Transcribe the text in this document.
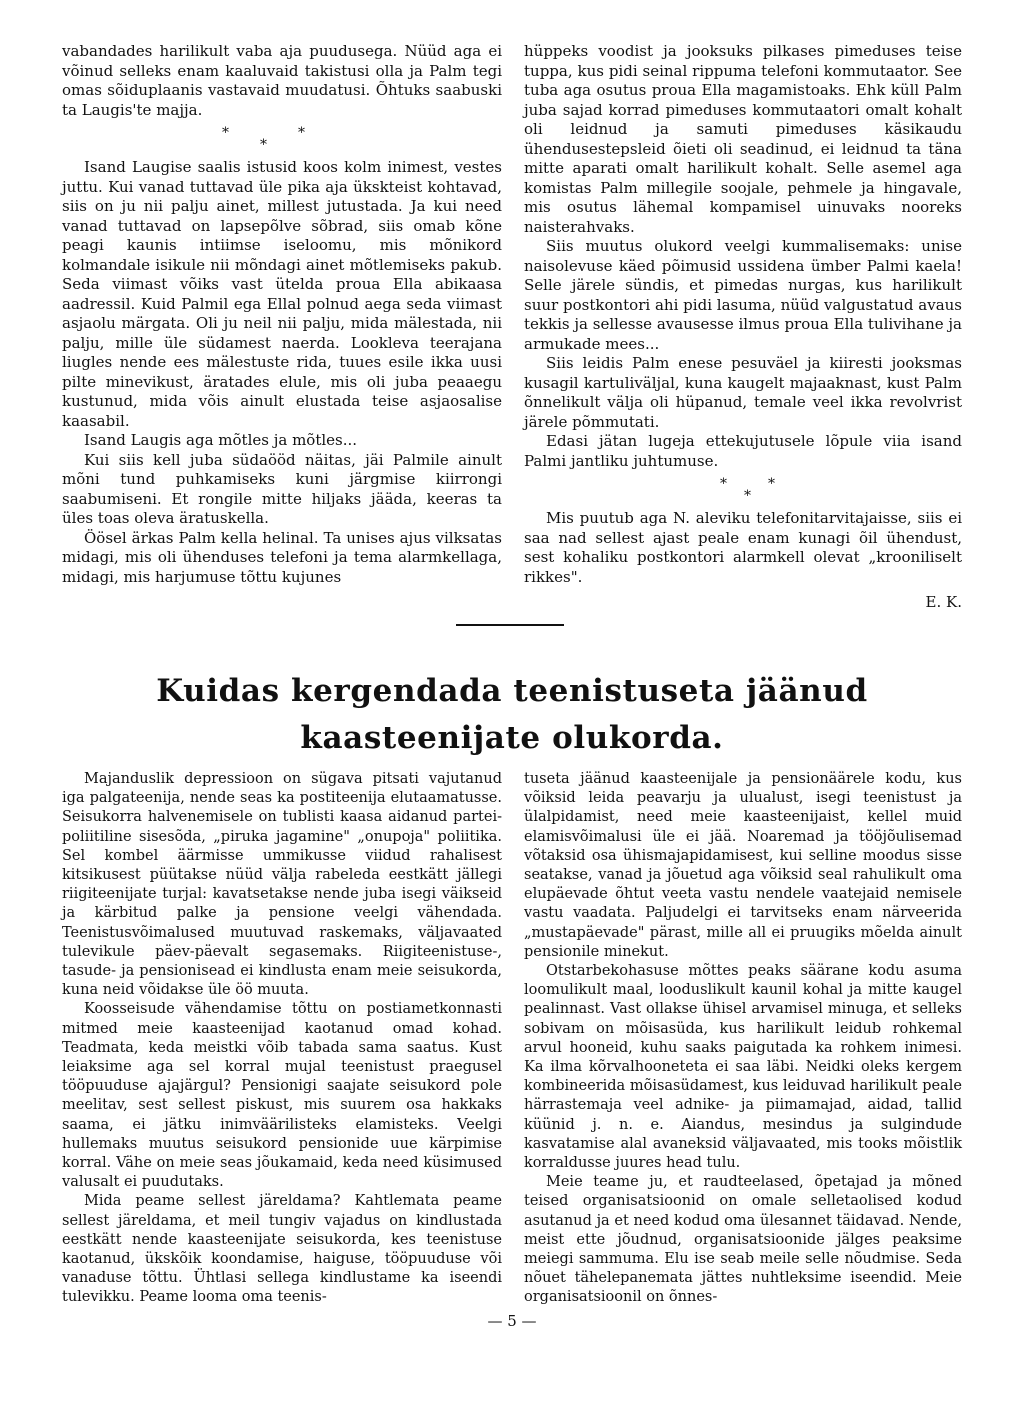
vabandades harilikult vaba aja puudusega. Nüüd aga ei võinud selleks enam kaaluvaid takistusi olla ja Palm tegi omas sõiduplaanis vastavaid muudatusi. Õhtuks saabuski ta Laugis'te majja.

*
*
*

Isand Laugise saalis istusid koos kolm inimest, vestes juttu. Kui vanad tuttavad üle pika aja ükskteist kohtavad, siis on ju nii palju ainet, millest jutustada. Ja kui need vanad tuttavad on lapsepõlve sõbrad, siis omab kõne peagi kaunis intiimse iseloomu, mis mõnikord kolmandale isikule nii mõndagi ainet mõtlemiseks pakub. Seda viimast võiks vast ütelda proua Ella abikaasa aadressil. Kuid Palmil ega Ellal polnud aega seda viimast asjaolu märgata. Oli ju neil nii palju, mida mälestada, nii palju, mille üle südamest naerda. Lookleva teerajana liugles nende ees mälestuste rida, tuues esile ikka uusi pilte minevikust, äratades elule, mis oli juba peaaegu kustunud, mida võis ainult elustada teise asjaosalise kaasabil.

Isand Laugis aga mõtles ja mõtles...

Kui siis kell juba südaööd näitas, jäi Palmile ainult mõni tund puhkamiseks kuni järgmise kiirrongi saabumiseni. Et rongile mitte hiljaks jääda, keeras ta üles toas oleva äratuskella.

Öösel ärkas Palm kella helinal. Ta unises ajus vilksatas midagi, mis oli ühenduses telefoni ja tema alarmkellaga, midagi, mis harjumuse tõttu kujunes

hüppeks voodist ja jooksuks pilkases pimeduses teise tuppa, kus pidi seinal rippuma telefoni kommutaator. See tuba aga osutus proua Ella magamistoaks. Ehk küll Palm juba sajad korrad pimeduses kommutaatori omalt kohalt oli leidnud ja samuti pimeduses käsikaudu ühendusestepsleid õieti oli seadinud, ei leidnud ta täna mitte aparati omalt harilikult kohalt. Selle asemel aga komistas Palm millegile soojale, pehmele ja hingavale, mis osutus lähemal kompamisel uinuvaks nooreks naisterahvaks.

Siis muutus olukord veelgi kummalisemaks: unise naisolevuse käed põimusid ussidena ümber Palmi kaela! Selle järele sündis, et pimedas nurgas, kus harilikult suur postkontori ahi pidi lasuma, nüüd valgustatud avaus tekkis ja sellesse avausesse ilmus proua Ella tulivihane ja armukade mees...

Siis leidis Palm enese pesuväel ja kiiresti jooksmas kusagil kartuliväljal, kuna kaugelt majaaknast, kust Palm õnnelikult välja oli hüpanud, temale veel ikka revolvrist järele põmmutati.

Edasi jätan lugeja ettekujutusele lõpule viia isand Palmi jantliku juhtumuse.

*
*
*

Mis puutub aga N. aleviku telefonitarvitajaisse, siis ei saa nad sellest ajast peale enam kunagi õil ühendust, sest kohaliku postkontori alarmkell olevat „krooniliselt rikkes".

E. K.
Kuidas kergendada teenistuseta jäänud kaasteenijate olukorda.

Majanduslik depressioon on sügava pitsati vajutanud iga palgateenija, nende seas ka postiteenija elutaamatusse. Seisukorra halvenemisele on tublisti kaasa aidanud partei-poliitiline sisesõda, „piruka jagamine" „onupoja" poliitika. Sel kombel äärmisse ummikusse viidud rahalisest kitsikusest püütakse nüüd välja rabeleda eestkätt jällegi riigiteenijate turjal: kavatsetakse nende juba isegi väikseid ja kärbitud palke ja pensione veelgi vähendada. Teenistusvõimalused muutuvad raskemaks, väljavaated tulevikule päev-päevalt segasemaks. Riigiteenistuse-, tasude- ja pensionisead ei kindlusta enam meie seisukorda, kuna neid võidakse üle öö muuta.

Koosseisude vähendamise tõttu on postiametkonnasti mitmed meie kaasteenijad kaotanud omad kohad. Teadmata, keda meistki võib tabada sama saatus. Kust leiaksime aga sel korral mujal teenistust praegusel tööpuuduse ajajärgul? Pensionigi saajate seisukord pole meelitav, sest sellest piskust, mis suurem osa hakkaks saama, ei jätku inimväärilisteks elamisteks. Veelgi hullemaks muutus seisukord pensionide uue kärpimise korral. Vähe on meie seas jõukamaid, keda need küsimused valusalt ei puudutaks.

Mida peame sellest järeldama? Kahtlemata peame sellest järeldama, et meil tungiv vajadus on kindlustada eestkätt nende kaasteenijate seisukorda, kes teenistuse kaotanud, ükskõik koondamise, haiguse, tööpuuduse või vanaduse tõttu. Ühtlasi sellega kindlustame ka iseendi tulevikku. Peame looma oma teenis-

tuseta jäänud kaasteenijale ja pensionäärele kodu, kus võiksid leida peavarju ja ulualust, isegi teenistust ja ülalpidamist, need meie kaasteenijaist, kellel muid elamisvõimalusi üle ei jää. Noaremad ja tööjõulisemad võtaksid osa ühismajapidamisest, kui selline moodus sisse seatakse, vanad ja jõuetud aga võiksid seal rahulikult oma elupäevade õhtut veeta vastu nendele vaatejaid nemisele vastu vaadata. Paljudelgi ei tarvitseks enam närveerida „mustapäevade" pärast, mille all ei pruugiks mõelda ainult pensionile minekut.

Otstarbekohasuse mõttes peaks säärane kodu asuma loomulikult maal, looduslikult kaunil kohal ja mitte kaugel pealinnast. Vast ollakse ühisel arvamisel minuga, et selleks sobivam on mõisasüda, kus harilikult leidub rohkemal arvul hooneid, kuhu saaks paigutada ka rohkem inimesi. Ka ilma kõrvalhooneteta ei saa läbi. Neidki oleks kergem kombineerida mõisasüdamest, kus leiduvad harilikult peale härrastemaja veel adnike- ja piimamajad, aidad, tallid küünid j. n. e. Aiandus, mesindus ja sulgindude kasvatamise alal avaneksid väljavaated, mis tooks mõistlik korraldusse juures head tulu.

Meie teame ju, et raudteelased, õpetajad ja mõned teised organisatsioonid on omale selletaolised kodud asutanud ja et need kodud oma ülesannet täidavad. Nende, meist ette jõudnud, organisatsioonide jälges peaksime meiegi sammuma. Elu ise seab meile selle nõudmise. Seda nõuet tähelepanemata jättes nuhtleksime iseendid. Meie organisatsioonil on õnnes-

— 5 —
